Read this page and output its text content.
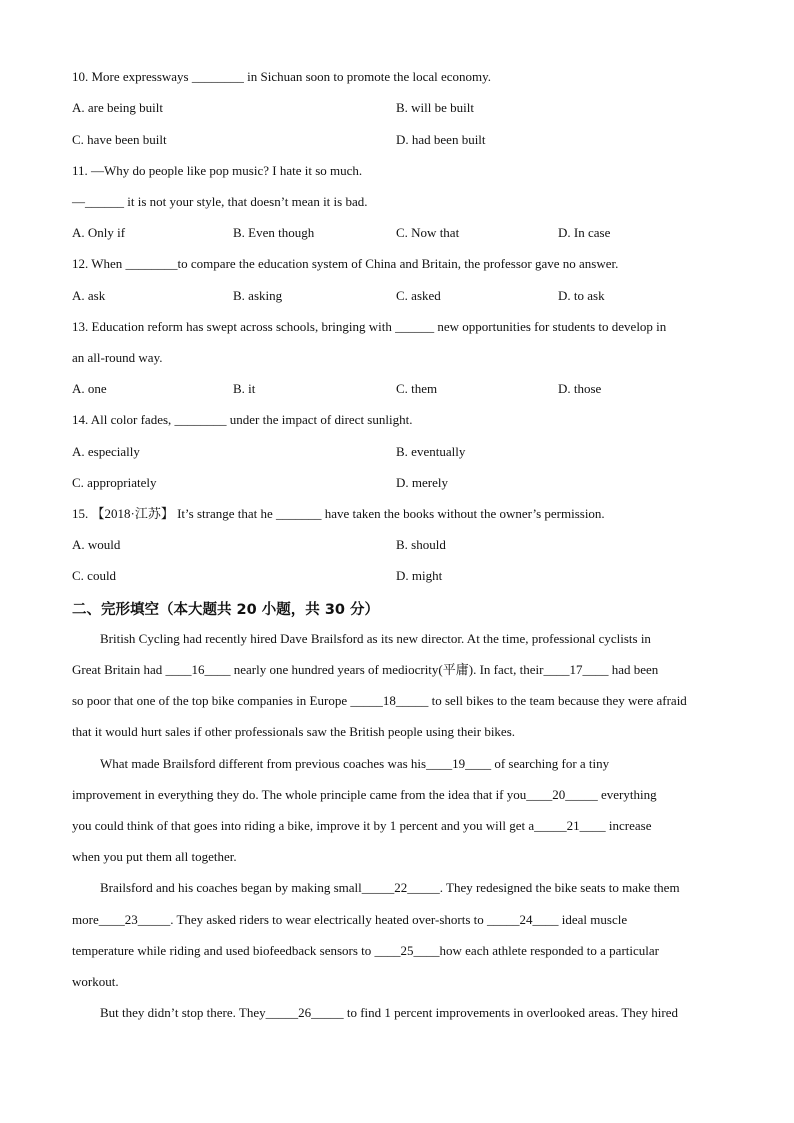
10. More expressways ________ in Sichuan soon to promote the local economy.
A. are being built	B. will be built
C. have been built	D. had been built
11. —Why do people like pop music? I hate it so much.
—______ it is not your style, that doesn’t mean it is bad.
A. Only if	B. Even though	C. Now that	D. In case
12. When ________to compare the education system of China and Britain, the professor gave no answer.
A. ask	B. asking	C. asked	D. to ask
13. Education reform has swept across schools, bringing with ______ new opportunities for students to develop in
an all-round way.
A. one	B. it	C. them	D. those
14. All color fades, ________ under the impact of direct sunlight.
A. especially	B. eventually
C. appropriately	D. merely
15. 【2018·江苏】 It’s strange that he _______ have taken the books without the owner’s permission.
A. would	B. should
C. could	D. might
二、完形填空（本大题共 20 小题，共 30 分）
British Cycling had recently hired Dave Brailsford as its new director. At the time, professional cyclists in
Great Britain had ____16____ nearly one hundred years of mediocrity(平庸). In fact, their____17____ had been
so poor that one of the top bike companies in Europe _____18_____ to sell bikes to the team because they were afraid
that it would hurt sales if other professionals saw the British people using their bikes.
What made Brailsford different from previous coaches was his____19____ of searching for a tiny
improvement in everything they do. The whole principle came from the idea that if you____20_____ everything
you could think of that goes into riding a bike, improve it by 1 percent and you will get a_____21____ increase
when you put them all together.
Brailsford and his coaches began by making small_____22_____. They redesigned the bike seats to make them
more____23_____. They asked riders to wear electrically heated over-shorts to _____24____ ideal muscle
temperature while riding and used biofeedback sensors to ____25____how each athlete responded to a particular
workout.
But they didn’t stop there. They_____26_____ to find 1 percent improvements in overlooked areas. They hired
